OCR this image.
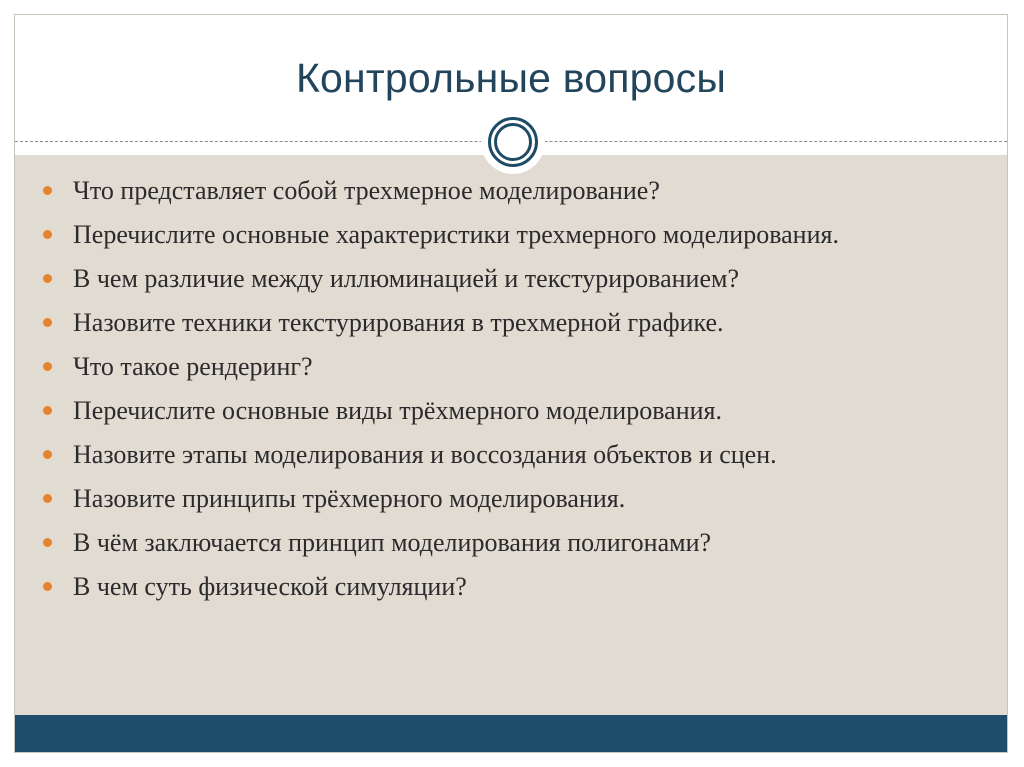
Контрольные вопросы
Что представляет собой трехмерное моделирование?
Перечислите основные характеристики трехмерного моделирования.
В чем различие между иллюминацией и текстурированием?
Назовите техники текстурирования в трехмерной графике.
Что такое рендеринг?
Перечислите основные виды трёхмерного моделирования.
Назовите этапы моделирования и воссоздания объектов и сцен.
Назовите принципы трёхмерного моделирования.
В чём заключается принцип моделирования полигонами?
В чем суть физической симуляции?
